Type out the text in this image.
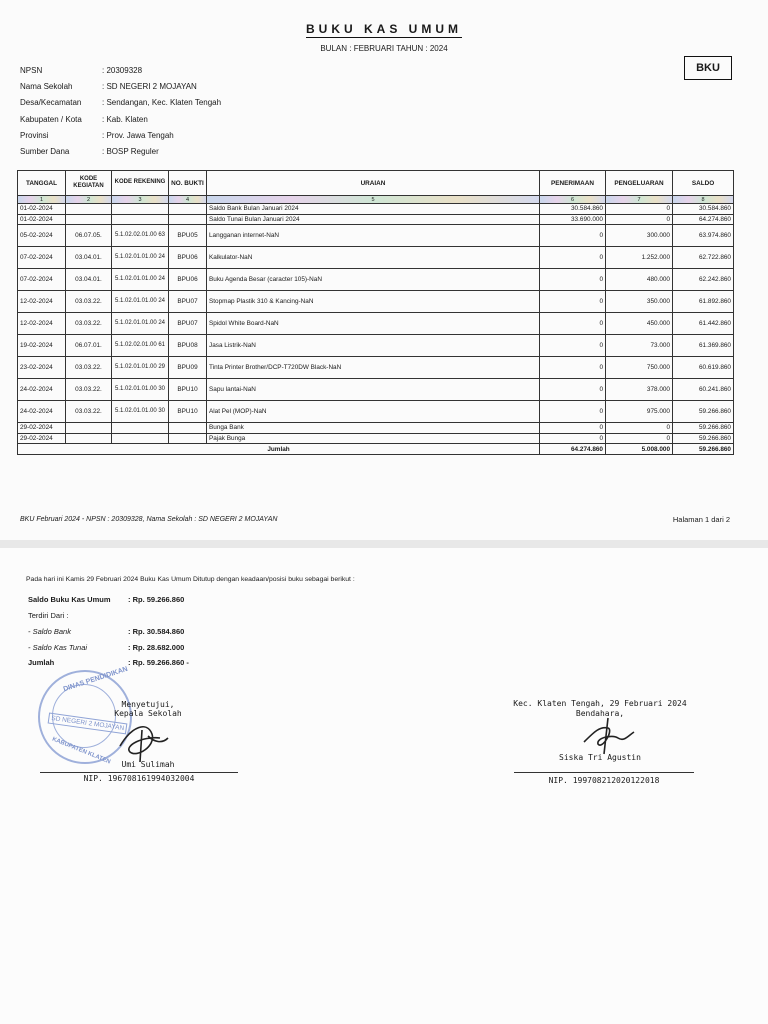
BUKU KAS UMUM
BULAN : FEBRUARI TAHUN : 2024
BKU
NPSN	: 20309328
Nama Sekolah	: SD NEGERI 2 MOJAYAN
Desa/Kecamatan	: Sendangan, Kec. Klaten Tengah
Kabupaten / Kota	: Kab. Klaten
Provinsi	: Prov. Jawa Tengah
Sumber Dana	: BOSP Reguler
TANGGAL	KODE KEGIATAN	KODE REKENING	NO. BUKTI	URAIAN	PENERIMAAN	PENGELUARAN	SALDO
1	2	3	4	5	6	7	8
01-02-2024				Saldo Bank Bulan Januari 2024	30.584.860	0	30.584.860
01-02-2024				Saldo Tunai Bulan Januari 2024	33.690.000	0	64.274.860
05-02-2024	06.07.05.	5.1.02.02.01.00 63	BPU05	Langganan internet-NaN	0	300.000	63.974.860
07-02-2024	03.04.01.	5.1.02.01.01.00 24	BPU06	Kalkulator-NaN	0	1.252.000	62.722.860
07-02-2024	03.04.01.	5.1.02.01.01.00 24	BPU06	Buku Agenda Besar (caracter 105)-NaN	0	480.000	62.242.860
12-02-2024	03.03.22.	5.1.02.01.01.00 24	BPU07	Stopmap Plastik 310 & Kancing-NaN	0	350.000	61.892.860
12-02-2024	03.03.22.	5.1.02.01.01.00 24	BPU07	Spidol White Board-NaN	0	450.000	61.442.860
19-02-2024	06.07.01.	5.1.02.02.01.00 61	BPU08	Jasa Listrik-NaN	0	73.000	61.369.860
23-02-2024	03.03.22.	5.1.02.01.01.00 29	BPU09	Tinta Printer Brother/DCP-T720DW Black-NaN	0	750.000	60.619.860
24-02-2024	03.03.22.	5.1.02.01.01.00 30	BPU10	Sapu lantai-NaN	0	378.000	60.241.860
24-02-2024	03.03.22.	5.1.02.01.01.00 30	BPU10	Alat Pel (MOP)-NaN	0	975.000	59.266.860
29-02-2024				Bunga Bank	0	0	59.266.860
29-02-2024				Pajak Bunga	0	0	59.266.860
Jumlah					64.274.860	5.008.000	59.266.860
BKU Februari 2024 - NPSN : 20309328, Nama Sekolah : SD NEGERI 2 MOJAYAN	Halaman 1 dari 2
Pada hari ini Kamis 29 Februari 2024 Buku Kas Umum Ditutup dengan keadaan/posisi buku sebagai berikut :
Saldo Buku Kas Umum : Rp. 59.266.860
Terdiri Dari :
- Saldo Bank	: Rp. 30.584.860
- Saldo Kas Tunai	: Rp. 28.682.000
Jumlah	: Rp. 59.266.860 -
DINAS PENDIDIKAN
SD NEGERI 2 MOJAYAN
KABUPATEN KLATEN
Menyetujui,
Kepala Sekolah
Umi Sulimah
NIP. 196708161994032004
Kec. Klaten Tengah, 29 Februari 2024
Bendahara,
Siska Tri Agustin
NIP. 199708212020122018
